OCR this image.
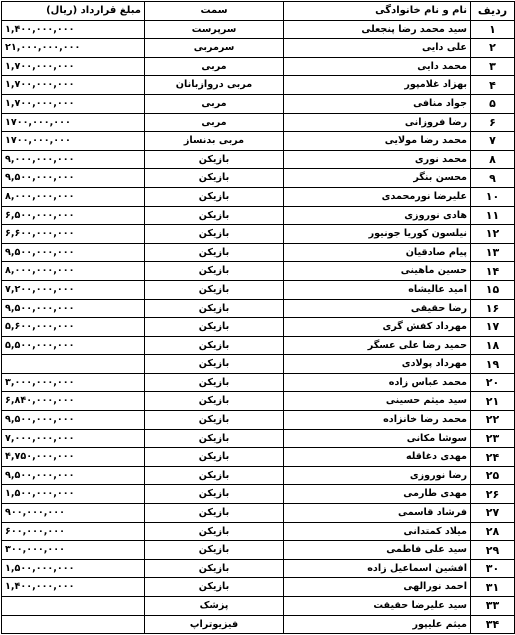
ردیف	نام و نام خانوادگی	سمت	مبلغ قرارداد (ریال)
۱	سید محمد رضا پنجعلی	سرپرست	۱,۴۰۰,۰۰۰,۰۰۰
۲	علی دایی	سرمربی	۲۱,۰۰۰,۰۰۰,۰۰۰
۳	محمد دایی	مربی	۱,۷۰۰,۰۰۰,۰۰۰
۴	بهزاد غلامپور	مربی دروازبانان	۱,۷۰۰,۰۰۰,۰۰۰
۵	جواد منافی	مربی	۱,۷۰۰,۰۰۰,۰۰۰
۶	رضا فروزانی	مربی	۱۷۰۰,۰۰۰,۰۰۰
۷	محمد رضا مولایی	مربی بدنساز	۱۷۰۰,۰۰۰,۰۰۰
۸	محمد نوری	بازیکن	۹,۰۰۰,۰۰۰,۰۰۰
۹	محسن بنگر	بازیکن	۹,۵۰۰,۰۰۰,۰۰۰
۱۰	علیرضا نورمحمدی	بازیکن	۸,۰۰۰,۰۰۰,۰۰۰
۱۱	هادی نوروزی	بازیکن	۶,۵۰۰,۰۰۰,۰۰۰
۱۲	نیلسون کوریا جونیور	بازیکن	۶,۶۰۰,۰۰۰,۰۰۰
۱۳	پیام صادقیان	بازیکن	۹,۵۰۰,۰۰۰,۰۰۰
۱۴	حسین ماهینی	بازیکن	۸,۰۰۰,۰۰۰,۰۰۰
۱۵	امید عالیشاه	بازیکن	۷,۲۰۰,۰۰۰,۰۰۰
۱۶	رضا حقیقی	بازیکن	۹,۵۰۰,۰۰۰,۰۰۰
۱۷	مهرداد کفش گری	بازیکن	۵,۶۰۰,۰۰۰,۰۰۰
۱۸	حمید رضا علی عسگر	بازیکن	۵,۵۰۰,۰۰۰,۰۰۰
۱۹	مهرداد پولادی	بازیکن	
۲۰	محمد عباس زاده	بازیکن	۳,۰۰۰,۰۰۰,۰۰۰
۲۱	سید میثم حسینی	بازیکن	۶,۸۴۰,۰۰۰,۰۰۰
۲۲	محمد رضا خانزاده	بازیکن	۹,۵۰۰,۰۰۰,۰۰۰
۲۳	سوشا مکانی	بازیکن	۷,۰۰۰,۰۰۰,۰۰۰
۲۴	مهدی دغاقله	بازیکن	۴,۷۵۰,۰۰۰,۰۰۰
۲۵	رضا نوروزی	بازیکن	۹,۵۰۰,۰۰۰,۰۰۰
۲۶	مهدی طارمی	بازیکن	۱,۵۰۰,۰۰۰,۰۰۰
۲۷	فرشاد قاسمی	بازیکن	۹۰۰,۰۰۰,۰۰۰
۲۸	میلاد کمتدانی	بازیکن	۶۰۰,۰۰۰,۰۰۰
۲۹	سید علی فاطمی	بازیکن	۳۰۰,۰۰۰,۰۰۰
۳۰	افشین اسماعیل زاده	بازیکن	۱,۵۰۰,۰۰۰,۰۰۰
۳۱	احمد نورالهی	بازیکن	۱,۴۰۰,۰۰۰,۰۰۰
۳۳	سید علیرضا حقیقت	پزشک	
۳۴	میثم علیپور	فیزیوتراپ	
